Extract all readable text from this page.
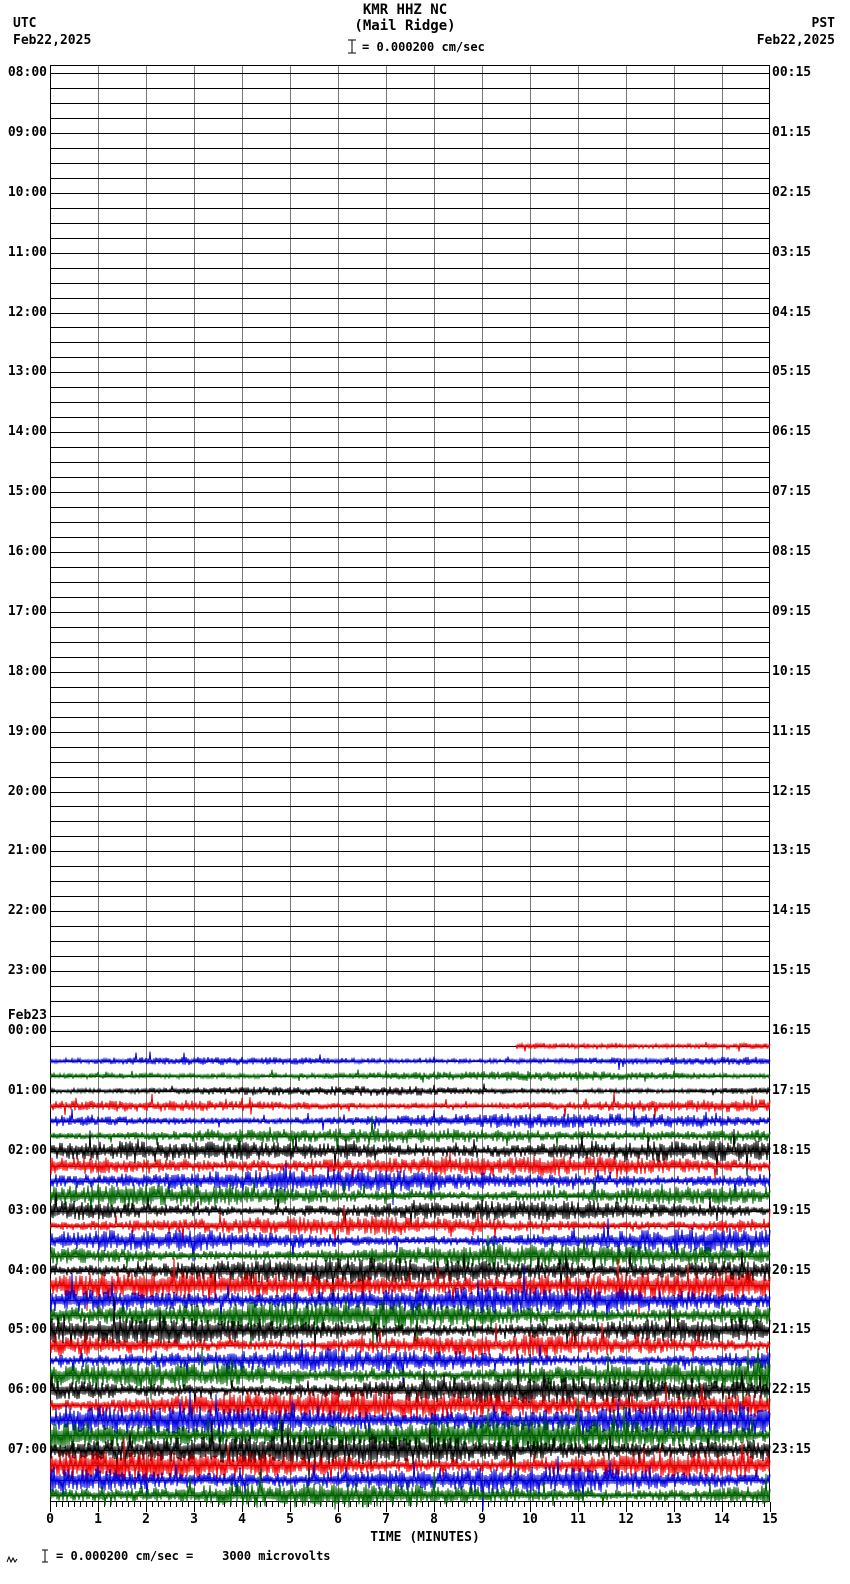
UTC
Feb22,2025
PST
Feb22,2025
KMR HHZ NC
(Mail Ridge)
= 0.000200 cm/sec
08:00
09:00
10:00
11:00
12:00
13:00
14:00
15:00
16:00
17:00
18:00
19:00
20:00
21:00
22:00
23:00
00:00
Feb23
01:00
02:00
03:00
04:00
05:00
06:00
07:00
00:15
01:15
02:15
03:15
04:15
05:15
06:15
07:15
08:15
09:15
10:15
11:15
12:15
13:15
14:15
15:15
16:15
17:15
18:15
19:15
20:15
21:15
22:15
23:15
0	1	2	3	4	5	6	7	8	9	10	11	12	13	14	15
TIME (MINUTES)
= 0.000200 cm/sec =    3000 microvolts
